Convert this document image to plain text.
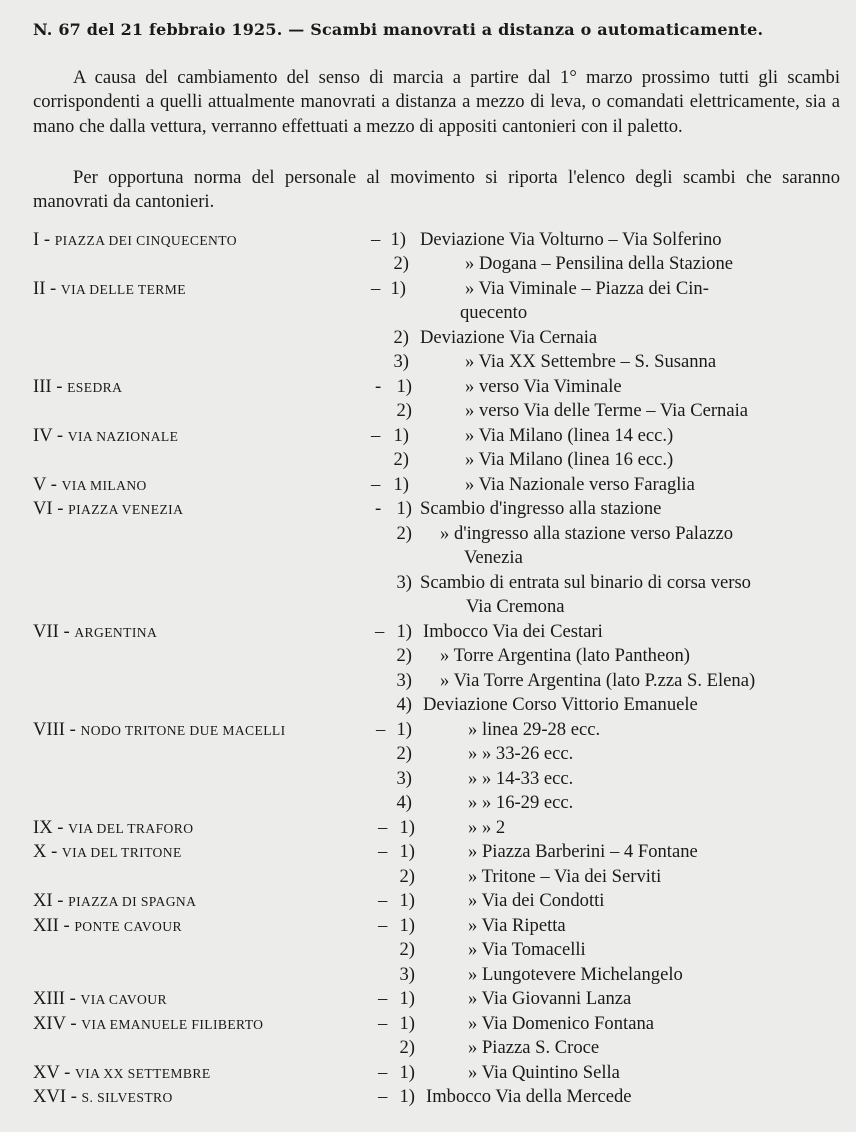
N. 67 del 21 febbraio 1925. — Scambi manovrati a distanza o automaticamente.

A causa del cambiamento del senso di marcia a partire dal 1° marzo prossimo tutti gli scambi corrispondenti a quelli attualmente manovrati a distanza a mezzo di leva, o comandati elettricamente, sia a mano che dalla vettura, verranno effettuati a mezzo di appositi cantonieri con il paletto.

Per opportuna norma del personale al movimento si riporta l'elenco degli scambi che saranno manovrati da cantonieri.

I - PIAZZA DEI CINQUECENTO	– 1) Deviazione Via Volturno – Via Solferino
2)	» Dogana – Pensilina della Stazione
II - VIA DELLE TERME	– 1)	» Via Viminale – Piazza dei Cin-
quecento
2) Deviazione Via Cernaia
3)	» Via XX Settembre – S. Susanna
III - ESEDRA	- 1)	» verso Via Viminale
2)	» verso Via delle Terme – Via Cernaia
IV - VIA NAZIONALE	– 1)	» Via Milano (linea 14 ecc.)
2)	» Via Milano (linea 16 ecc.)
V - VIA MILANO	– 1)	» Via Nazionale verso Faraglia
VI - PIAZZA VENEZIA	- 1) Scambio d'ingresso alla stazione
2) » d'ingresso alla stazione verso Palazzo
Venezia
3) Scambio di entrata sul binario di corsa verso
Via Cremona
VII - ARGENTINA	– 1) Imbocco Via dei Cestari
2) » Torre Argentina (lato Pantheon)
3) » Via Torre Argentina (lato P.zza S. Elena)
4) Deviazione Corso Vittorio Emanuele
VIII - NODO TRITONE DUE MACELLI	– 1)	» linea 29-28 ecc.
2)	» » 33-26 ecc.
3)	» » 14-33 ecc.
4)	» » 16-29 ecc.
IX - VIA DEL TRAFORO	– 1)	» » 2
X - VIA DEL TRITONE	– 1)	» Piazza Barberini – 4 Fontane
2)	» Tritone – Via dei Serviti
XI - PIAZZA DI SPAGNA	– 1)	» Via dei Condotti
XII - PONTE CAVOUR	– 1)	» Via Ripetta
2)	» Via Tomacelli
3)	» Lungotevere Michelangelo
XIII - VIA CAVOUR	– 1)	» Via Giovanni Lanza
XIV - VIA EMANUELE FILIBERTO	– 1)	» Via Domenico Fontana
2)	» Piazza S. Croce
XV - VIA XX SETTEMBRE	– 1)	» Via Quintino Sella
XVI - S. SILVESTRO	– 1) Imbocco Via della Mercede
